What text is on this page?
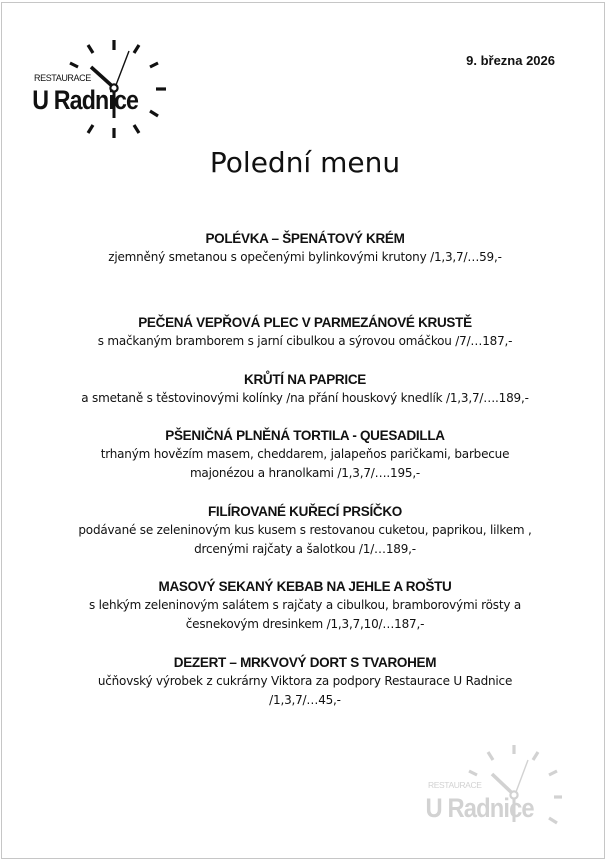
RESTAURACE
U Radnice
9. března 2026
Polední menu
POLÉVKA – ŠPENÁTOVÝ KRÉM
zjemněný smetanou s opečenými bylinkovými krutony /1,3,7/…59,-
PEČENÁ VEPŘOVÁ PLEC V PARMEZÁNOVÉ KRUSTĚ
s mačkaným bramborem s jarní cibulkou a sýrovou omáčkou /7/…187,-
KRŮTÍ NA PAPRICE
a smetaně s těstovinovými kolínky /na přání houskový knedlík /1,3,7/….189,-
PŠENIČNÁ PLNĚNÁ TORTILA - QUESADILLA
trhaným hovězím masem, cheddarem, jalapeňos paričkami, barbecue
majonézou a hranolkami /1,3,7/….195,-
FILÍROVANÉ KUŘECÍ PRSÍČKO
podávané se zeleninovým kus kusem s restovanou cuketou, paprikou, lilkem ,
drcenými rajčaty a šalotkou /1/…189,-
MASOVÝ SEKANÝ KEBAB NA JEHLE A ROŠTU
s lehkým zeleninovým salátem s rajčaty a cibulkou, bramborovými rösty a
česnekovým dresinkem /1,3,7,10/…187,-
DEZERT – MRKVOVÝ DORT S TVAROHEM
učňovský výrobek z cukrárny Viktora za podpory Restaurace U Radnice
/1,3,7/…45,-
RESTAURACE
U Radnice
